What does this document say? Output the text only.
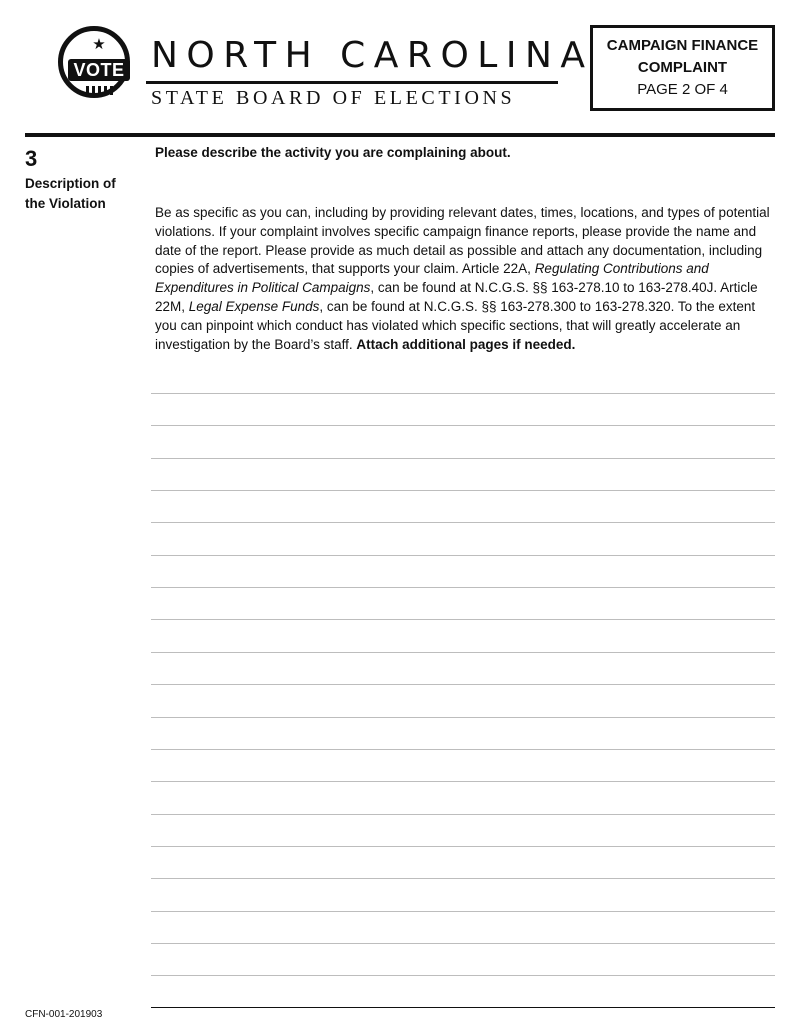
★
VOTE NORTH CAROLINA
STATE BOARD OF ELECTIONS
CAMPAIGN FINANCE
COMPLAINT
PAGE 2 OF 4
3
Description of the Violation
Please describe the activity you are complaining about.
Be as specific as you can, including by providing relevant dates, times, locations, and types of potential violations. If your complaint involves specific campaign finance reports, please provide the name and date of the report. Please provide as much detail as possible and attach any documentation, including copies of advertisements, that supports your claim. Article 22A, Regulating Contributions and Expenditures in Political Campaigns, can be found at N.C.G.S. §§ 163-278.10 to 163-278.40J. Article 22M, Legal Expense Funds, can be found at N.C.G.S. §§ 163-278.300 to 163-278.320. To the extent you can pinpoint which conduct has violated which specific sections, that will greatly accelerate an investigation by the Board’s staff. Attach additional pages if needed.
CFN-001-201903
